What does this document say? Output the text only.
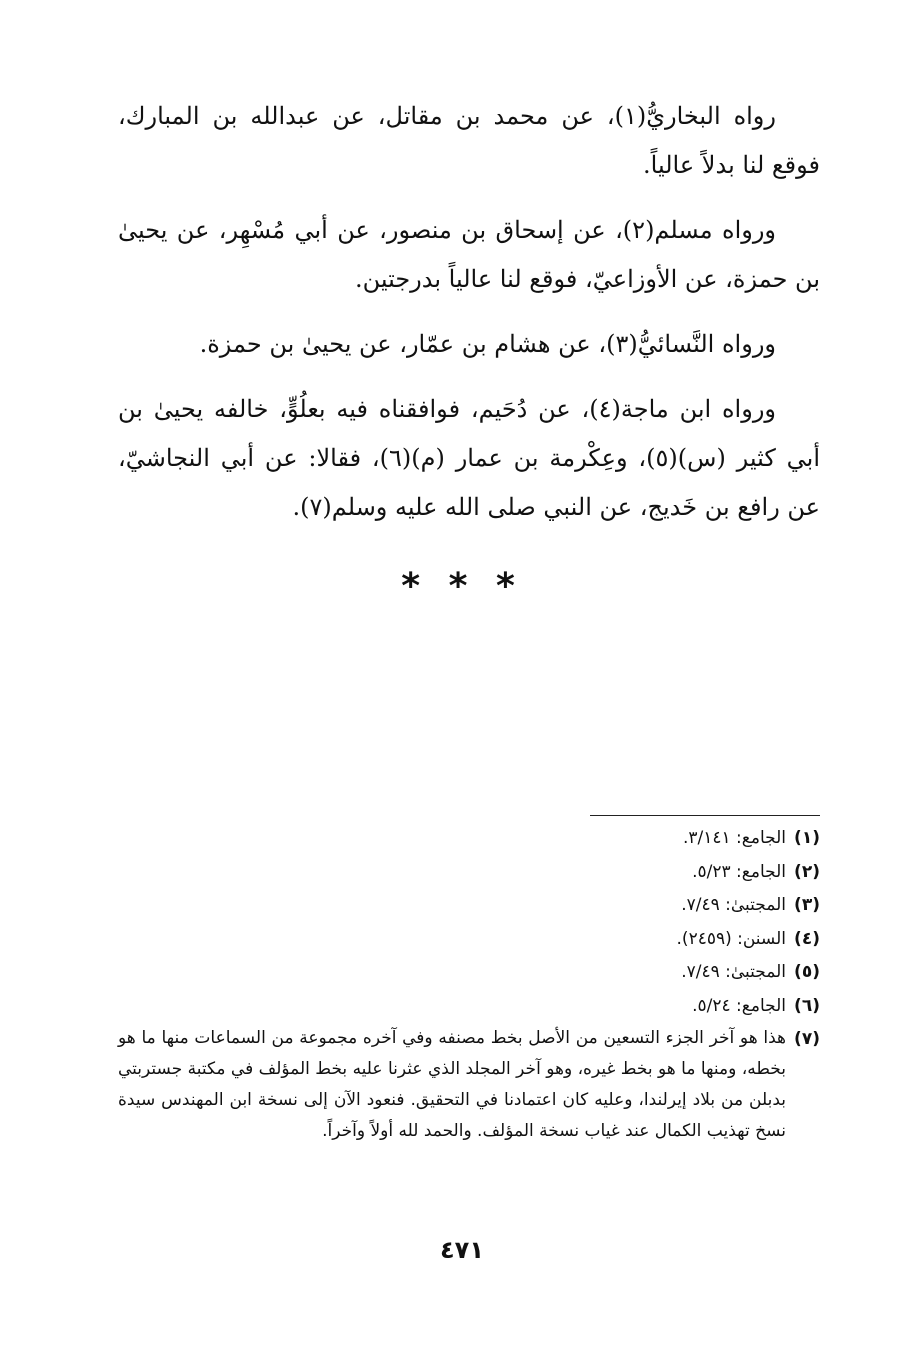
رواه البخاريُّ(١)، عن محمد بن مقاتل، عن عبدالله بن المبارك، فوقع لنا بدلاً عالياً.

ورواه مسلم(٢)، عن إسحاق بن منصور، عن أبي مُسْهِر، عن يحيىٰ بن حمزة، عن الأوزاعيّ، فوقع لنا عالياً بدرجتين.

ورواه النَّسائيُّ(٣)، عن هشام بن عمّار، عن يحيىٰ بن حمزة.

ورواه ابن ماجة(٤)، عن دُحَيم، فوافقناه فيه بعلُوٍّ، خالفه يحيىٰ بن أبي كثير (س)(٥)، وعِكْرمة بن عمار (م)(٦)، فقالا: عن أبي النجاشيّ، عن رافع بن خَديج، عن النبي صلى الله عليه وسلم(٧).

* * *
(١)
الجامع: ٣/١٤١.
(٢)
الجامع: ٥/٢٣.
(٣)
المجتبىٰ: ٧/٤٩.
(٤)
السنن: (٢٤٥٩).
(٥)
المجتبىٰ: ٧/٤٩.
(٦)
الجامع: ٥/٢٤.
(٧)
هذا هو آخر الجزء التسعين من الأصل بخط مصنفه وفي آخره مجموعة من السماعات منها ما هو بخطه، ومنها ما هو بخط غيره، وهو آخر المجلد الذي عثرنا عليه بخط المؤلف في مكتبة جستربتي بدبلن من بلاد إيرلندا، وعليه كان اعتمادنا في التحقيق. فنعود الآن إلى نسخة ابن المهندس سيدة نسخ تهذيب الكمال عند غياب نسخة المؤلف. والحمد لله أولاً وآخراً.
٤٧١
